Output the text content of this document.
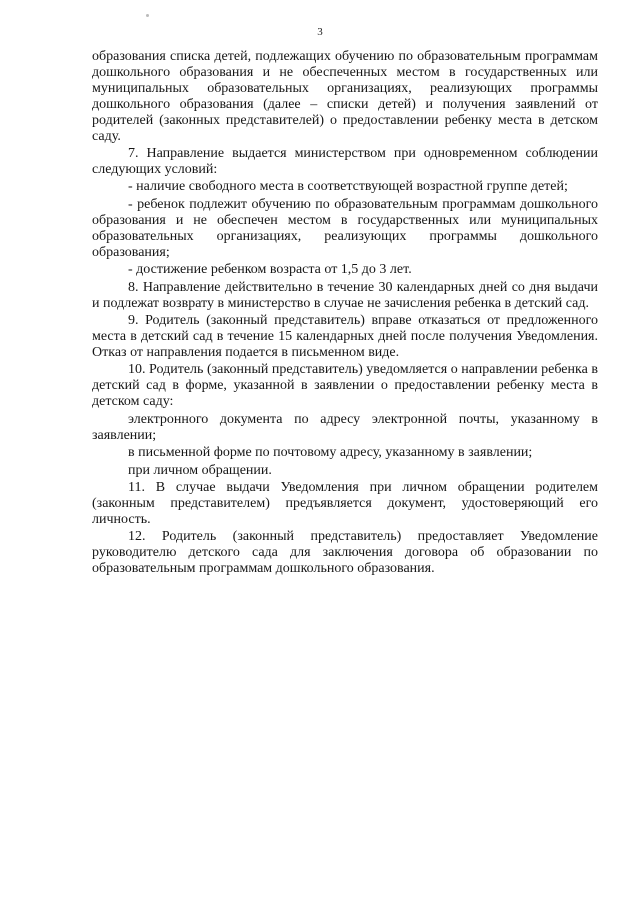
3

образования списка детей, подлежащих обучению по образовательным программам дошкольного образования и не обеспеченных местом в государственных или муниципальных образовательных организациях, реализующих программы дошкольного образования (далее – списки детей) и получения заявлений от родителей (законных представителей) о предоставлении ребенку места в детском саду.

7. Направление выдается министерством при одновременном соблюдении следующих условий:

- наличие свободного места в соответствующей возрастной группе детей;

- ребенок подлежит обучению по образовательным программам дошкольного образования и не обеспечен местом в государственных или муниципальных образовательных организациях, реализующих программы дошкольного образования;

- достижение ребенком возраста от 1,5 до 3 лет.

8. Направление действительно в течение 30 календарных дней со дня выдачи и подлежат возврату в министерство в случае не зачисления ребенка в детский сад.

9. Родитель (законный представитель) вправе отказаться от предложенного места в детский сад в течение 15 календарных дней после получения Уведомления. Отказ от направления подается в письменном виде.

10. Родитель (законный представитель) уведомляется о направлении ребенка в детский сад в форме, указанной в заявлении о предоставлении ребенку места в детском саду:

электронного документа по адресу электронной почты, указанному в заявлении;

в письменной форме по почтовому адресу, указанному в заявлении;

при личном обращении.

11. В случае выдачи Уведомления при личном обращении родителем (законным представителем) предъявляется документ, удостоверяющий его личность.

12. Родитель (законный представитель) предоставляет Уведомление руководителю детского сада для заключения договора об образовании по образовательным программам дошкольного образования.
